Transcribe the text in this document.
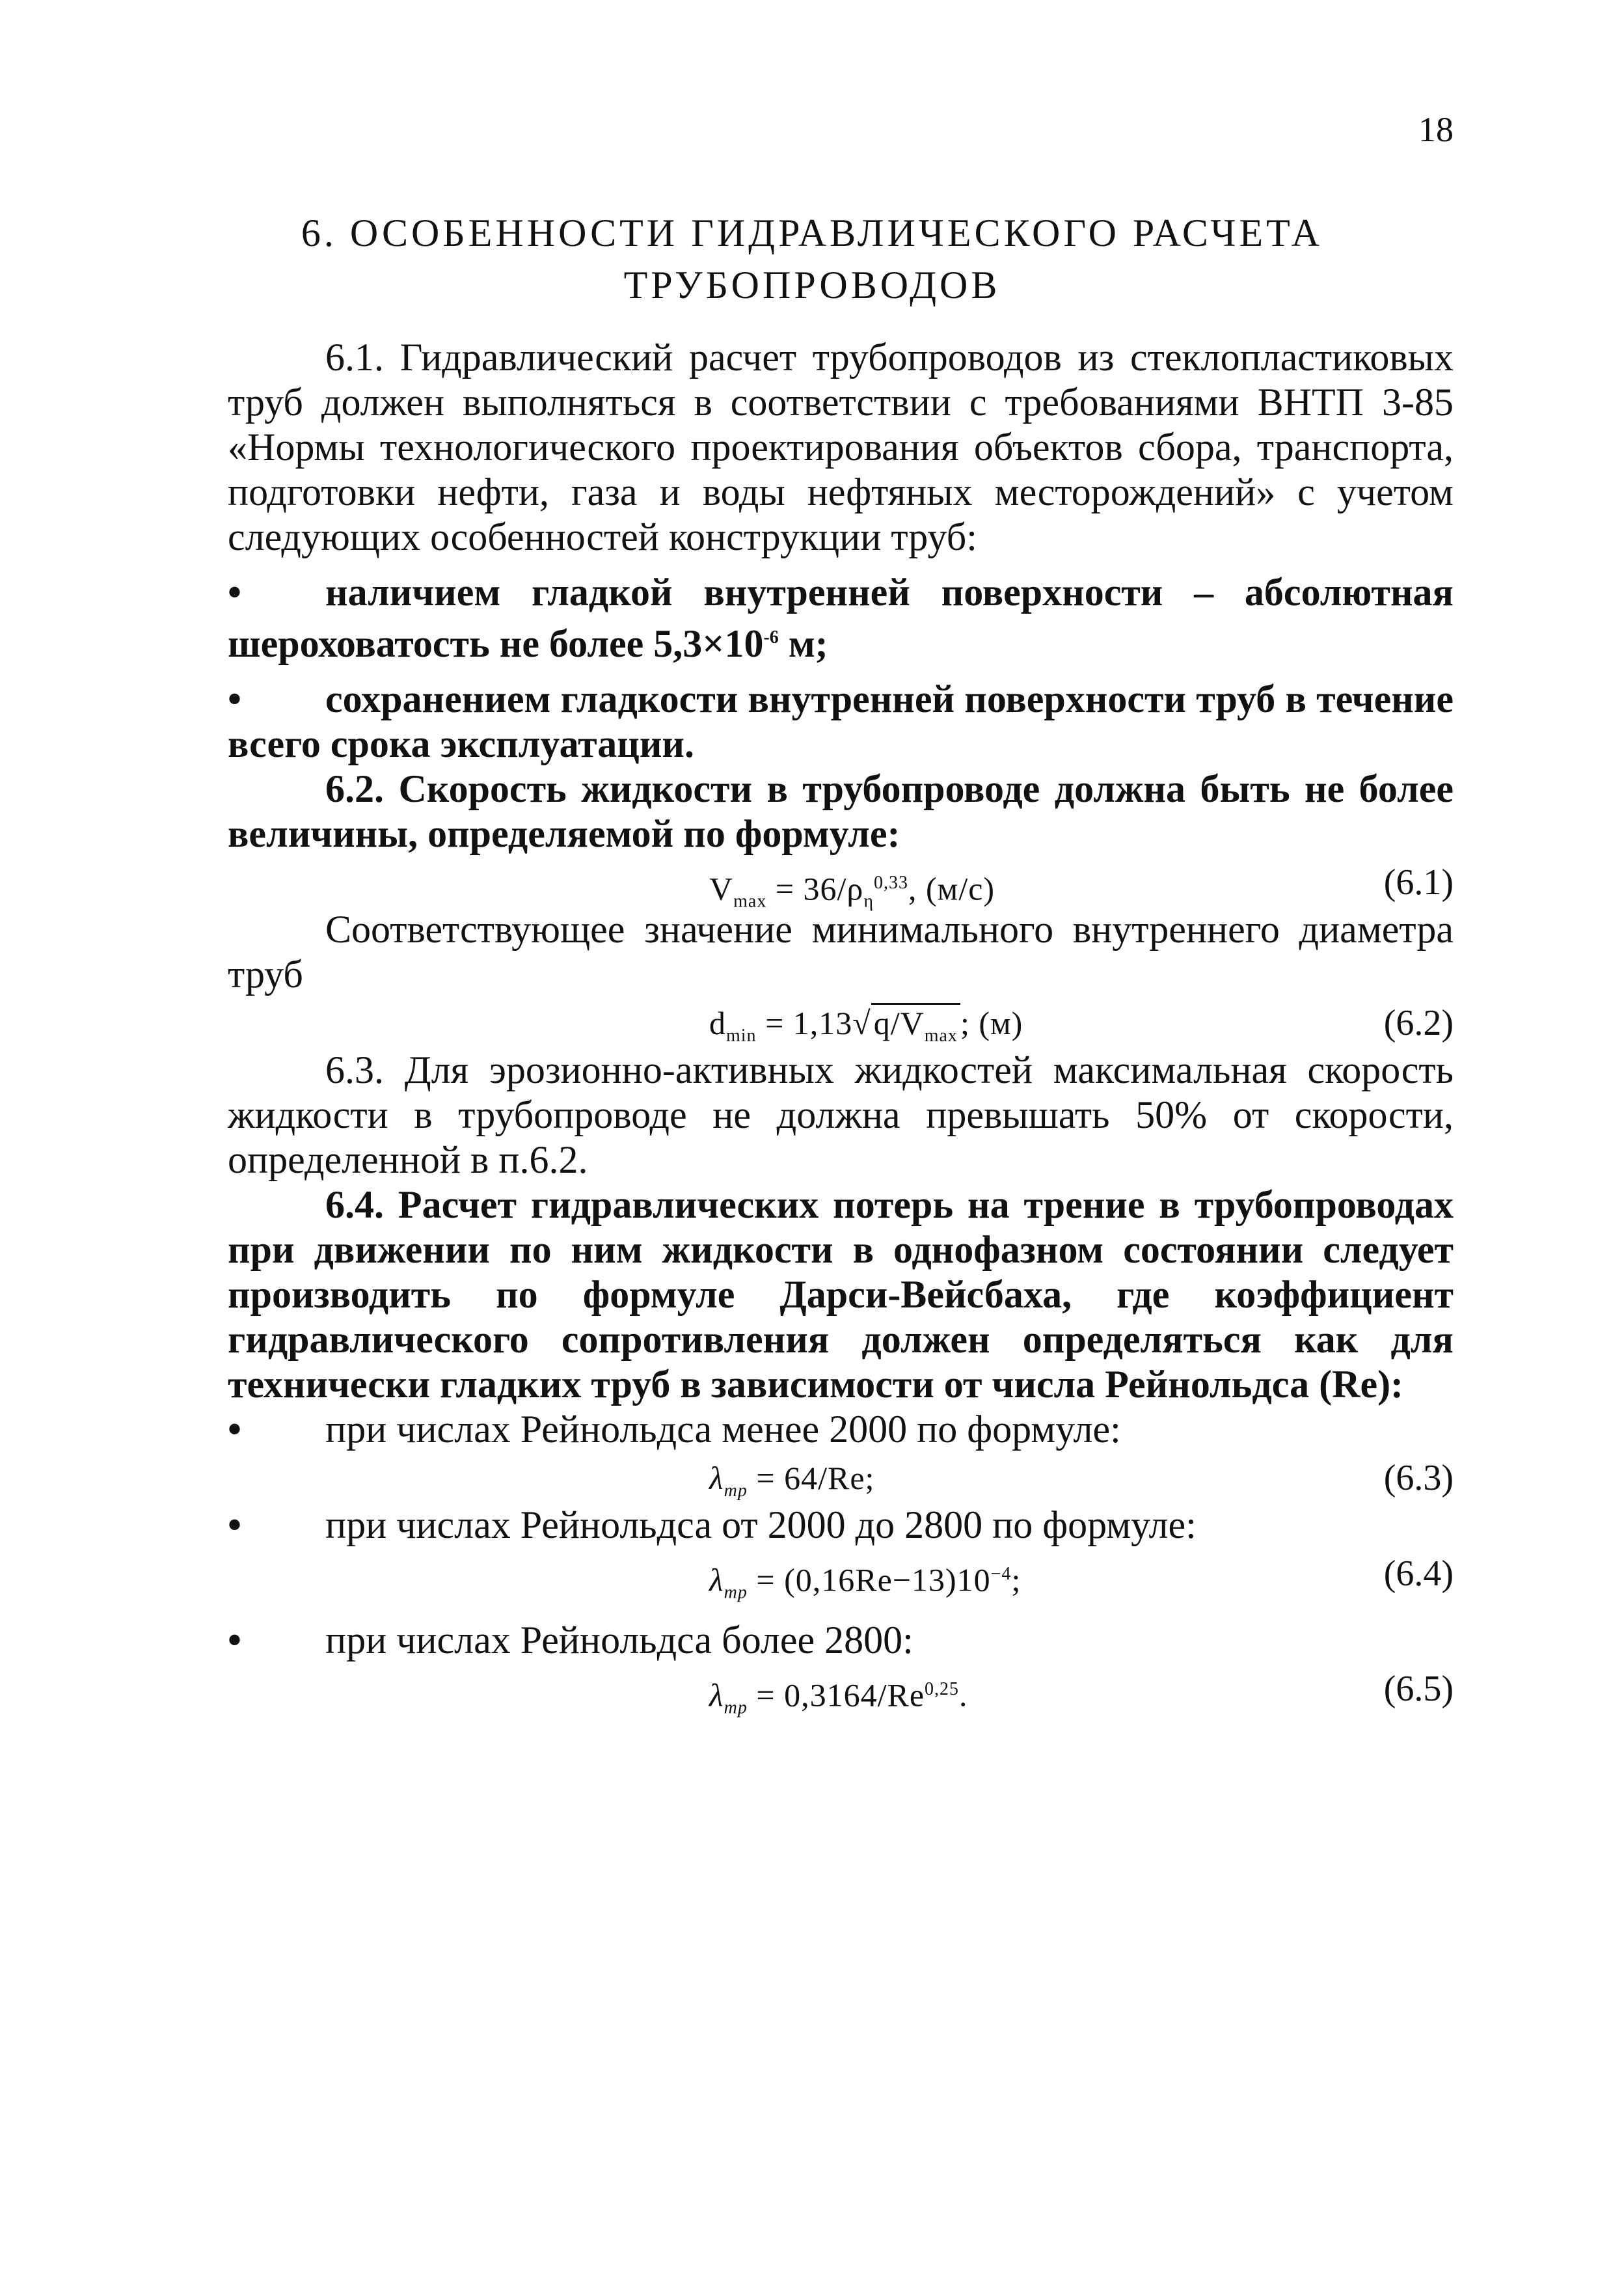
18
6. ОСОБЕННОСТИ ГИДРАВЛИЧЕСКОГО РАСЧЕТА
ТРУБОПРОВОДОВ

6.1. Гидравлический расчет трубопроводов из стеклопластиковых труб должен выполняться в соответствии с требованиями ВНТП 3-85 «Нормы технологического проектирования объектов сбора, транспорта, подготовки нефти, газа и воды нефтяных месторождений» с учетом следующих особенностей конструкции труб:

• наличием гладкой внутренней поверхности – абсолютная шероховатость не более $5,3\times 10^{-6}$ м;

• сохранением гладкости внутренней поверхности труб в течение всего срока эксплуатации.

6.2. Скорость жидкости в трубопроводе должна быть не более величины, определяемой по формуле:

$V_{max} = 36/\rho_\eta^{0,33}$, (м/с)	(6.1)

Соответствующее значение минимального внутреннего диаметра труб

$d_{min} = 1,13√q/V_{max}$; (м)	(6.2)

6.3. Для эрозионно-активных жидкостей максимальная скорость жидкости в трубопроводе не должна превышать 50% от скорости, определенной в п.6.2.

6.4. Расчет гидравлических потерь на трение в трубопроводах при движении по ним жидкости в однофазном состоянии следует производить по формуле Дарси-Вейсбаха, где коэффициент гидравлического сопротивления должен определяться как для технически гладких труб в зависимости от числа Рейнольдса (Re):

• при числах Рейнольдса менее 2000 по формуле:

$\lambda_{тр} = 64/Re$;	(6.3)

• при числах Рейнольдса от 2000 до 2800 по формуле:

$\lambda_{тр} = (0,16Re-13)10^{-4}$;	(6.4)

• при числах Рейнольдса более 2800:

$\lambda_{тр} = 0,3164/Re^{0,25}$.	(6.5)
